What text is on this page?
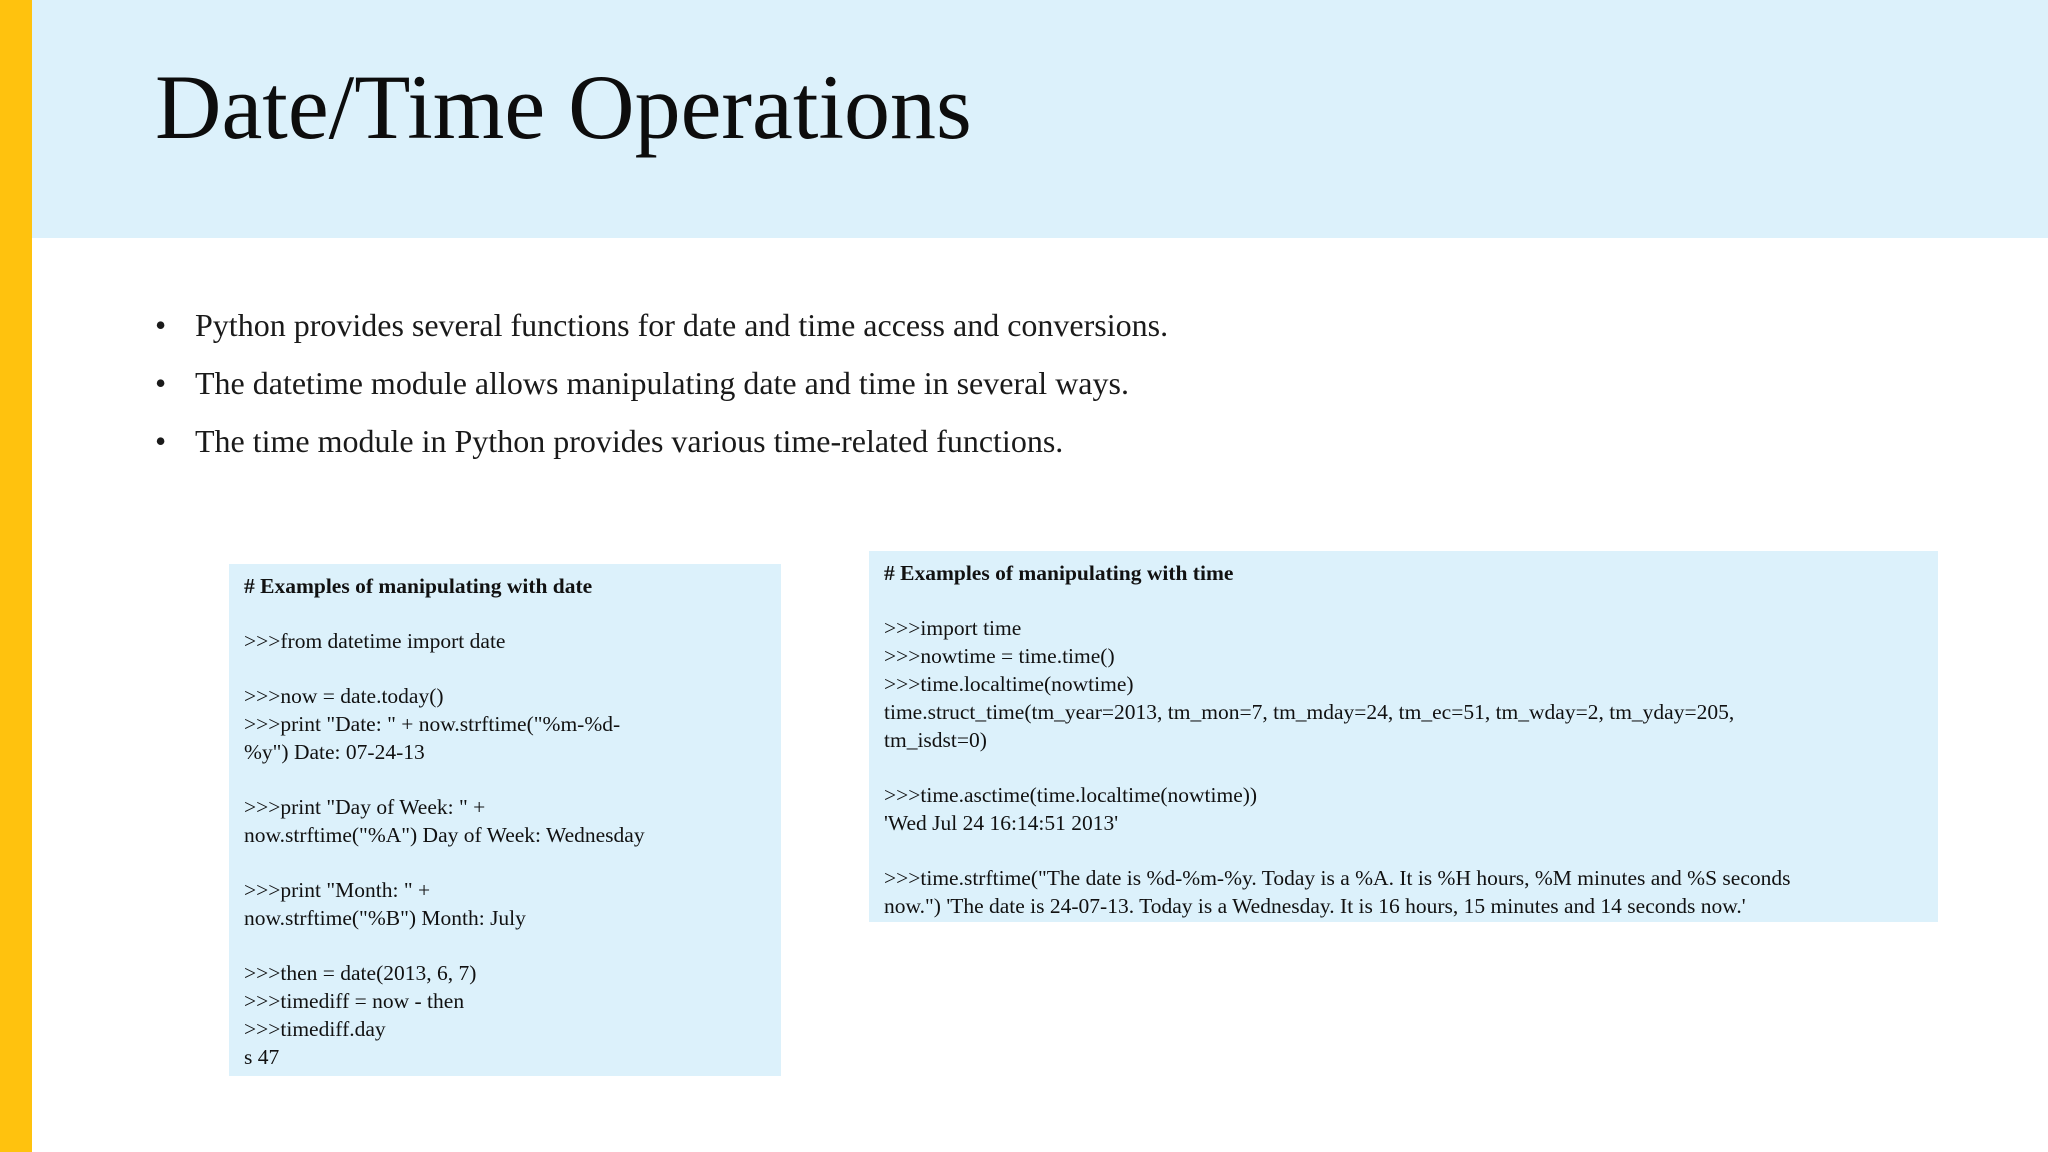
Date/Time Operations
• Python provides several functions for date and time access and conversions.
• The datetime module allows manipulating date and time in several ways.
• The time module in Python provides various time-related functions.
# Examples of manipulating with date
>>>from datetime import date
>>>now = date.today()
>>>print "Date: " + now.strftime("%m-%d-
%y") Date: 07-24-13
>>>print "Day of Week: " +
now.strftime("%A") Day of Week: Wednesday
>>>print "Month: " +
now.strftime("%B") Month: July
>>>then = date(2013, 6, 7)
>>>timediff = now - then
>>>timediff.day
s 47
# Examples of manipulating with time
>>>import time
>>>nowtime = time.time()
>>>time.localtime(nowtime)
time.struct_time(tm_year=2013, tm_mon=7, tm_mday=24, tm_ec=51, tm_wday=2, tm_yday=205,
tm_isdst=0)
>>>time.asctime(time.localtime(nowtime))
'Wed Jul 24 16:14:51 2013'
>>>time.strftime("The date is %d-%m-%y. Today is a %A. It is %H hours, %M minutes and %S seconds
now.") 'The date is 24-07-13. Today is a Wednesday. It is 16 hours, 15 minutes and 14 seconds now.'
